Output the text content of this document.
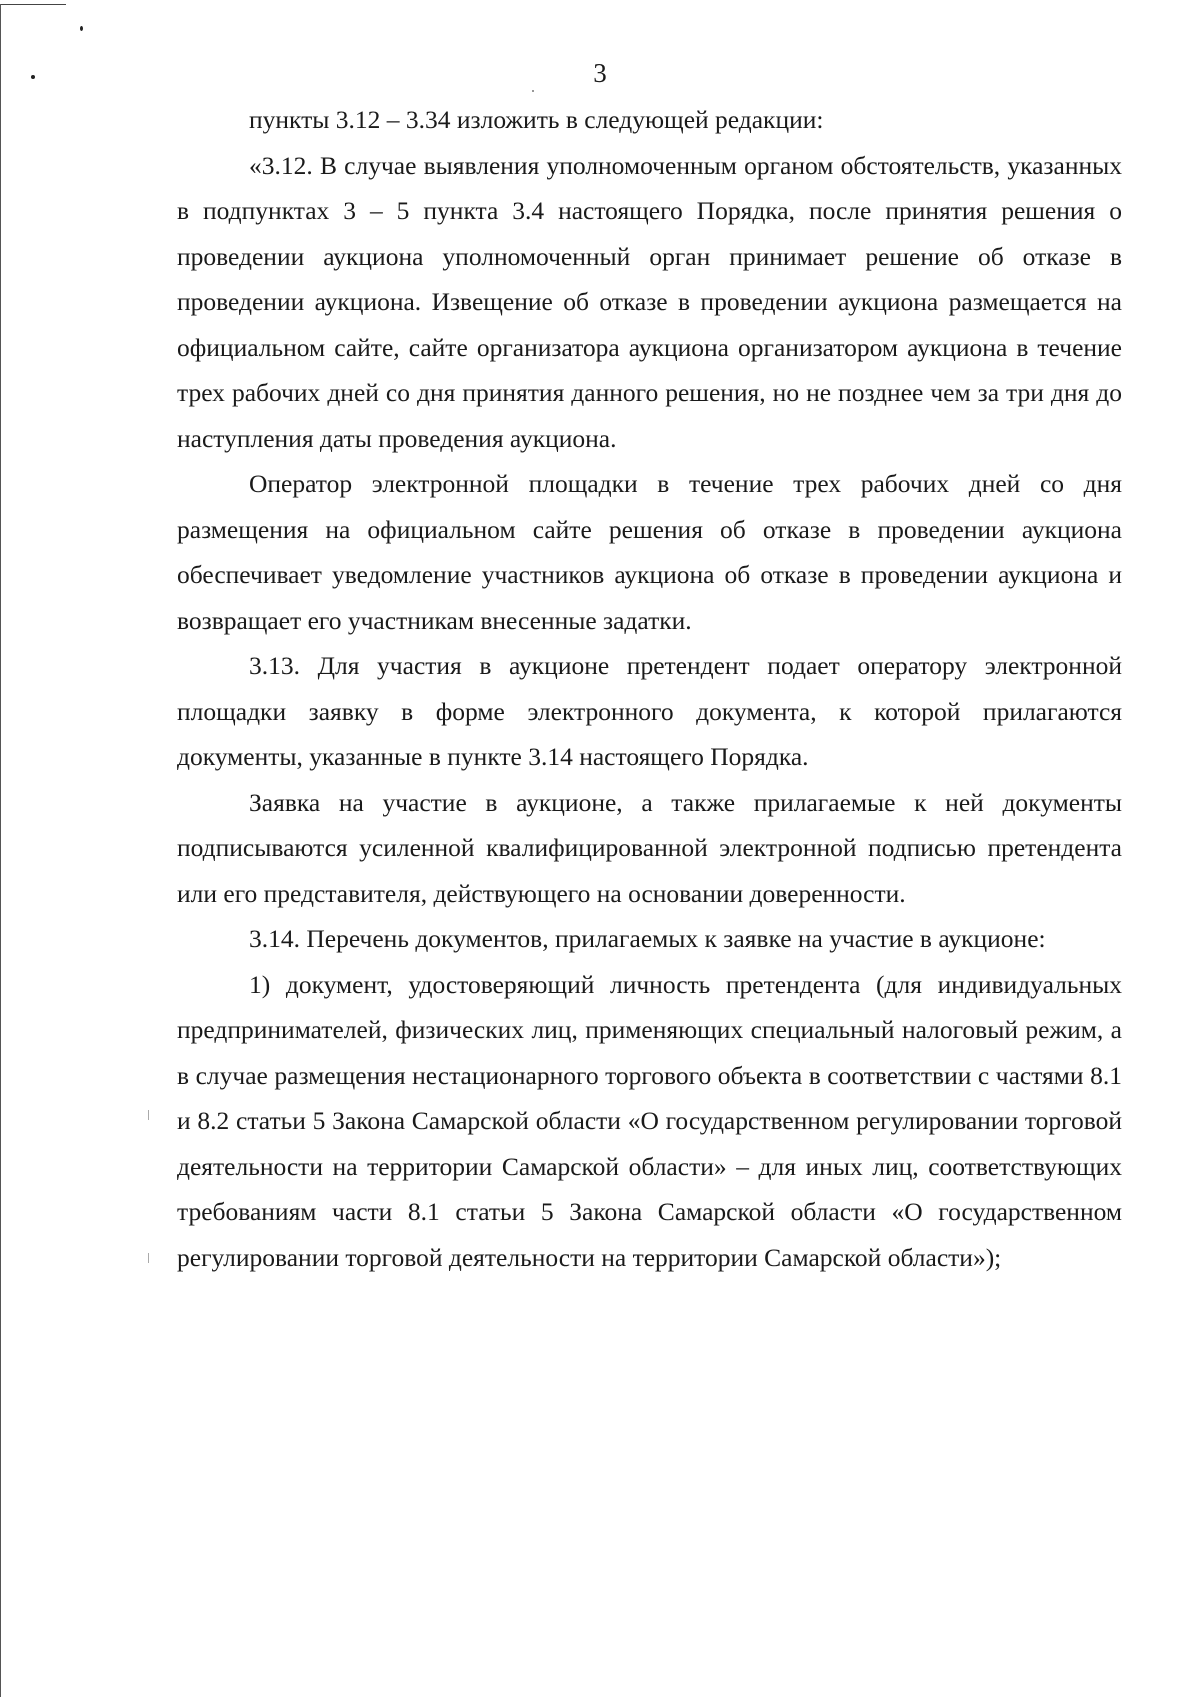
3

пункты 3.12 – 3.34 изложить в следующей редакции:

«3.12. В случае выявления уполномоченным органом обстоятельств, указанных в подпунктах 3 – 5 пункта 3.4 настоящего Порядка, после принятия решения о проведении аукциона уполномоченный орган принимает решение об отказе в проведении аукциона. Извещение об отказе в проведении аукциона размещается на официальном сайте, сайте организатора аукциона организатором аукциона в течение трех рабочих дней со дня принятия данного решения, но не позднее чем за три дня до наступления даты проведения аукциона.

Оператор электронной площадки в течение трех рабочих дней со дня размещения на официальном сайте решения об отказе в проведении аукциона обеспечивает уведомление участников аукциона об отказе в проведении аукциона и возвращает его участникам внесенные задатки.

3.13. Для участия в аукционе претендент подает оператору электронной площадки заявку в форме электронного документа, к которой прилагаются документы, указанные в пункте 3.14 настоящего Порядка.

Заявка на участие в аукционе, а также прилагаемые к ней документы подписываются усиленной квалифицированной электронной подписью претендента или его представителя, действующего на основании доверенности.

3.14. Перечень документов, прилагаемых к заявке на участие в аукционе:

1) документ, удостоверяющий личность претендента (для индивидуальных предпринимателей, физических лиц, применяющих специальный налоговый режим, а в случае размещения нестационарного торгового объекта в соответствии с частями 8.1 и 8.2 статьи 5 Закона Самарской области «О государственном регулировании торговой деятельности на территории Самарской области» – для иных лиц, соответствующих требованиям части 8.1 статьи 5 Закона Самарской области «О государственном регулировании торговой деятельности на территории Самарской области»);
